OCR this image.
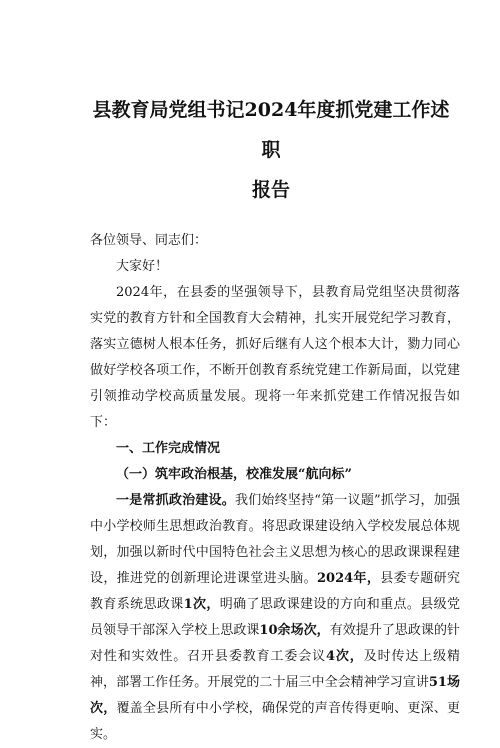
县教育局党组书记2024年度抓党建工作述职
报告

各位领导、同志们：

大家好！

2024年，在县委的坚强领导下，县教育局党组坚决贯彻落实党的教育方针和全国教育大会精神，扎实开展党纪学习教育，落实立德树人根本任务，抓好后继有人这个根本大计，勠力同心做好学校各项工作，不断开创教育系统党建工作新局面，以党建引领推动学校高质量发展。现将一年来抓党建工作情况报告如下：

一、工作完成情况

（一）筑牢政治根基，校准发展“航向标”

一是常抓政治建设。我们始终坚持“第一议题”抓学习，加强中小学校师生思想政治教育。将思政课建设纳入学校发展总体规划，加强以新时代中国特色社会主义思想为核心的思政课课程建设，推进党的创新理论进课堂进头脑。2024年，县委专题研究教育系统思政课1次，明确了思政课建设的方向和重点。县级党员领导干部深入学校上思政课10余场次，有效提升了思政课的针对性和实效性。召开县委教育工委会议4次，及时传达上级精神，部署工作任务。开展党的二十届三中全会精神学习宣讲51场次，覆盖全县所有中小学校，确保党的声音传得更响、更深、更实。
